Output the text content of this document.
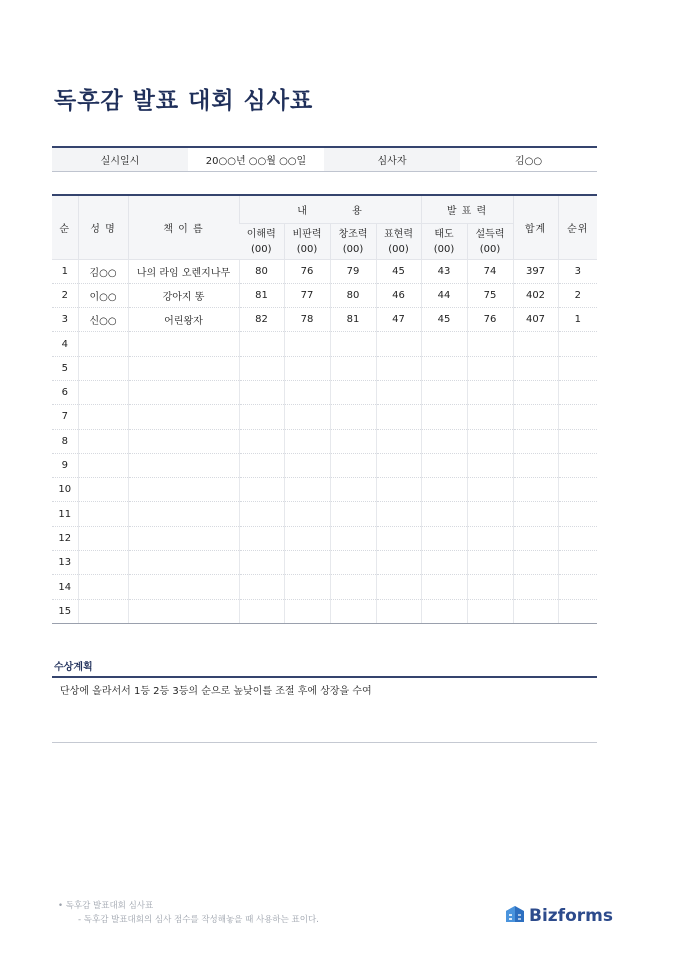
독후감 발표 대회 심사표
실시일시	20○○년 ○○월 ○○일	심사자	김○○
순	성 명	책 이 름	내 용				발 표 력		합계	순위
			이해력	비판력	창조력	표현력	태도	설득력		
			(00)	(00)	(00)	(00)	(00)	(00)		
1	김○○	나의 라임 오렌지나무	80	76	79	45	43	74	397	3
2	이○○	강아지 똥	81	77	80	46	44	75	402	2
3	신○○	어린왕자	82	78	81	47	45	76	407	1
4										
5										
6										
7										
8										
9										
10										
11										
12										
13										
14										
15										
수상계획
단상에 올라서서 1등 2등 3등의 순으로 높낮이를 조절 후에 상장을 수여
• 독후감 발표대회 심사표
- 독후감 발표대회의 심사 점수를 작성해놓을 때 사용하는 표이다.	Bizforms
